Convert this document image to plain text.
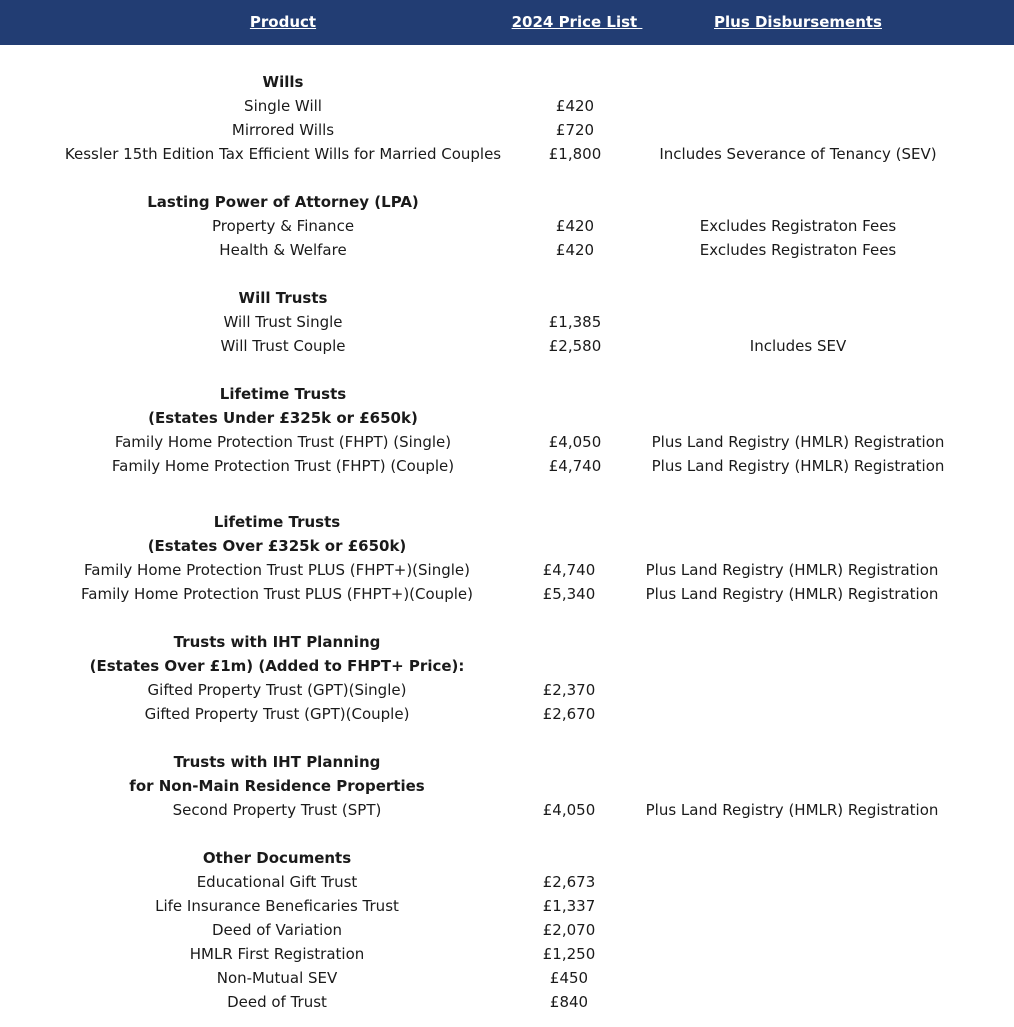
Product	2024 Price List	Plus Disbursements
Wills
Single Will	£420
Mirrored Wills	£720
Kessler 15th Edition Tax Efficient Wills for Married Couples	£1,800	Includes Severance of Tenancy (SEV)
Lasting Power of Attorney (LPA)
Property & Finance	£420	Excludes Registraton Fees
Health & Welfare	£420	Excludes Registraton Fees
Will Trusts
Will Trust Single	£1,385
Will Trust Couple	£2,580	Includes SEV
Lifetime Trusts
(Estates Under £325k or £650k)
Family Home Protection Trust (FHPT) (Single)	£4,050	Plus Land Registry (HMLR) Registration
Family Home Protection Trust (FHPT) (Couple)	£4,740	Plus Land Registry (HMLR) Registration
Lifetime Trusts
(Estates Over £325k or £650k)
Family Home Protection Trust PLUS (FHPT+)(Single)	£4,740	Plus Land Registry (HMLR) Registration
Family Home Protection Trust PLUS (FHPT+)(Couple)	£5,340	Plus Land Registry (HMLR) Registration
Trusts with IHT Planning
(Estates Over £1m) (Added to FHPT+ Price):
Gifted Property Trust (GPT)(Single)	£2,370
Gifted Property Trust (GPT)(Couple)	£2,670
Trusts with IHT Planning
for Non-Main Residence Properties
Second Property Trust (SPT)	£4,050	Plus Land Registry (HMLR) Registration
Other Documents
Educational Gift Trust	£2,673
Life Insurance Beneficaries Trust	£1,337
Deed of Variation	£2,070
HMLR First Registration	£1,250
Non-Mutual SEV	£450
Deed of Trust	£840
